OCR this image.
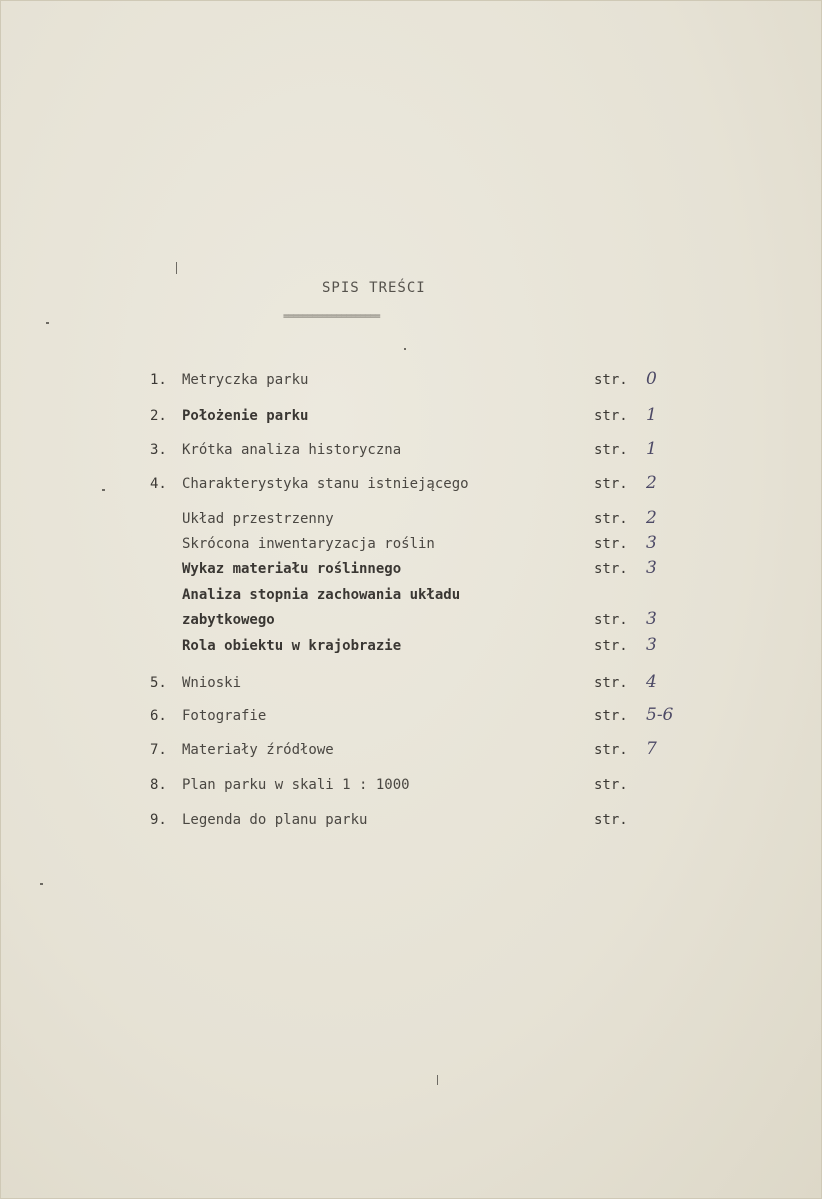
SPIS TREŚCI
====================
1. Metryczka parku	str. 0
2. Położenie parku	str. 1
3. Krótka analiza historyczna	str. 1
4. Charakterystyka stanu istniejącego	str. 2
Układ przestrzenny	str. 2
Skrócona inwentaryzacja roślin	str. 3
Wykaz materiału roślinnego	str. 3
Analiza stopnia zachowania układu
zabytkowego	str. 3
Rola obiektu w krajobrazie	str. 3
5. Wnioski	str. 4
6. Fotografie	str. 5-6
7. Materiały źródłowe	str. 7
8. Plan parku w skali 1 : 1000	str.
9. Legenda do planu parku	str.
